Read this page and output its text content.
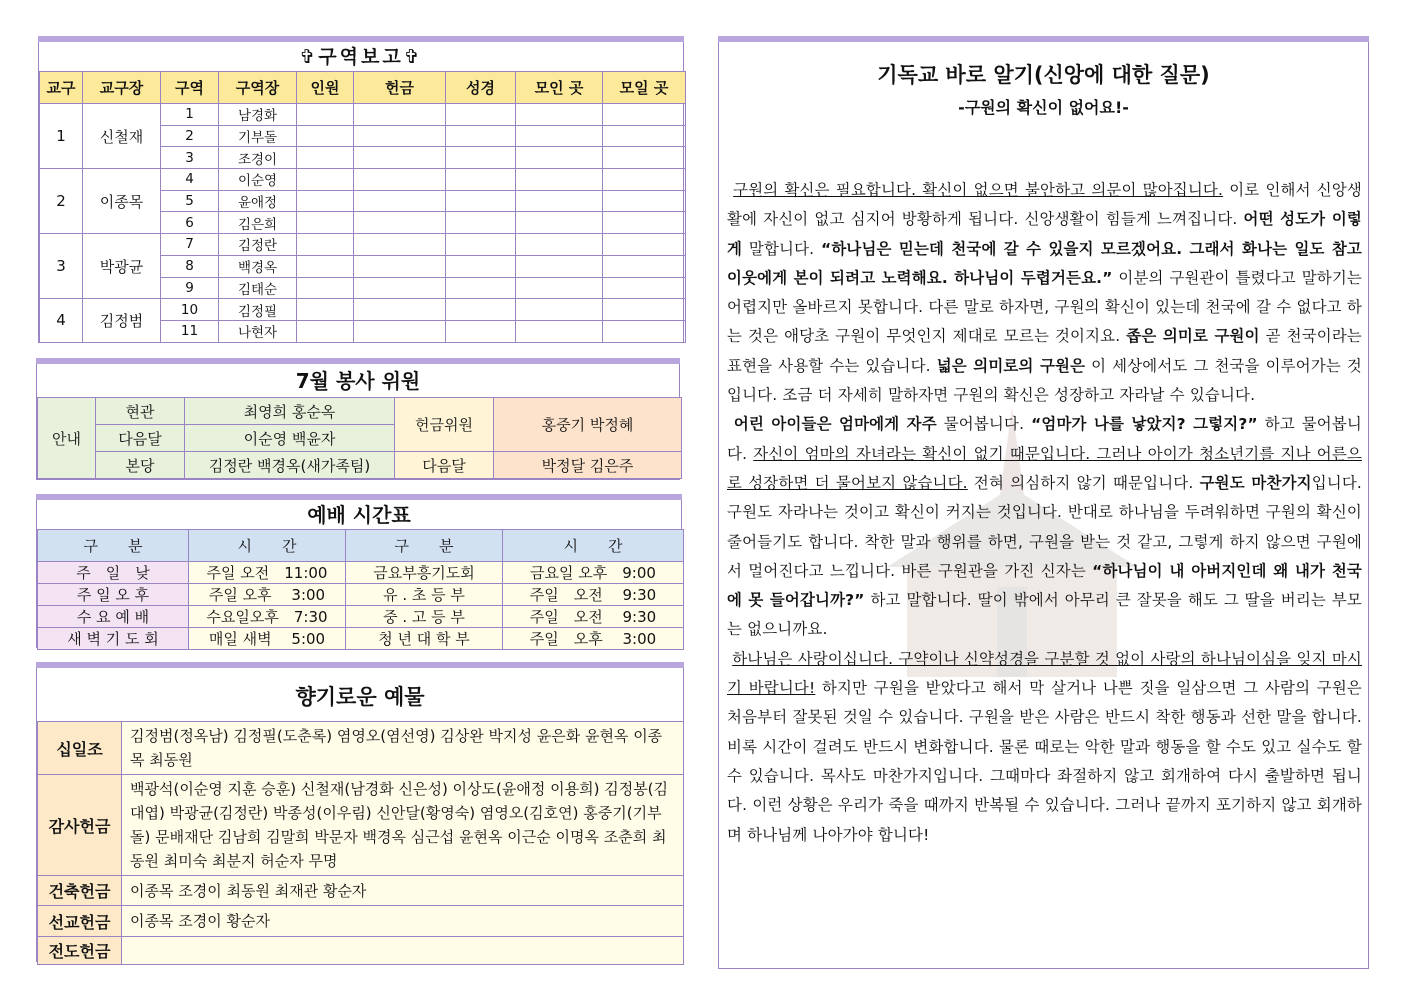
✞구역보고✞
교구	교구장	구역	구역장	인원	헌금	성경	모인 곳	모일 곳
1	신철재	1	남경화					
		2	기부돌					
		3	조경이					
2	이종목	4	이순영					
		5	윤애정					
		6	김은희					
3	박광균	7	김정란					
		8	백경옥					
		9	김태순					
4	김정범	10	김정필					
		11	나현자					
7월 봉사 위원
안내	현관	최영희 홍순옥	헌금위원	홍중기 박정혜
	다음달	이순영 백윤자		
	본당	김정란 백경옥(새가족팀)	다음달	박정달 김은주
예배 시간표
구　　분	시　　간	구　　분	시　　간
주　일　낮	주일 오전　11:00	금요부흥기도회	금요일 오후　9:00
주 일 오 후	주일 오후　 3:00	유 . 초 등 부	주일　오전　 9:30
수 요 예 배	수요일오후　7:30	중 . 고 등 부	주일　오전　 9:30
새 벽 기 도 회	매일 새벽　 5:00	청 년 대 학 부	주일　오후　 3:00
향기로운 예물
십일조	김정범(정옥남) 김정필(도춘록) 염영오(염선영) 김상완 박지성 윤은화 윤현옥 이종목 최동원
감사헌금	백광석(이순영 지훈 승훈) 신철재(남경화 신은성) 이상도(윤애정 이용희) 김정봉(김대엽) 박광균(김정란) 박종성(이우림) 신안달(황영숙) 염영오(김호연) 홍중기(기부돌) 문배재단 김남희 김말희 박문자 백경옥 심근섭 윤현옥 이근순 이명옥 조춘희 최동원 최미숙 최분지 허순자 무명
건축헌금	이종목 조경이 최동원 최재관 황순자
선교헌금	이종목 조경이 황순자
전도헌금	
기독교 바로 알기(신앙에 대한 질문)
-구원의 확신이 없어요!-

구원의 확신은 필요합니다. 확신이 없으면 불안하고 의문이 많아집니다. 이로 인해서 신앙생활에 자신이 없고 심지어 방황하게 됩니다. 신앙생활이 힘들게 느껴집니다. 어떤 성도가 이렇게 말합니다. “하나님은 믿는데 천국에 갈 수 있을지 모르겠어요. 그래서 화나는 일도 참고 이웃에게 본이 되려고 노력해요. 하나님이 두렵거든요.” 이분의 구원관이 틀렸다고 말하기는 어렵지만 올바르지 못합니다. 다른 말로 하자면, 구원의 확신이 있는데 천국에 갈 수 없다고 하는 것은 애당초 구원이 무엇인지 제대로 모르는 것이지요. 좁은 의미로 구원이 곧 천국이라는 표현을 사용할 수는 있습니다. 넓은 의미로의 구원은 이 세상에서도 그 천국을 이루어가는 것입니다. 조금 더 자세히 말하자면 구원의 확신은 성장하고 자라날 수 있습니다.

어린 아이들은 엄마에게 자주 물어봅니다. “엄마가 나를 낳았지? 그렇지?” 하고 물어봅니다. 자신이 엄마의 자녀라는 확신이 없기 때문입니다. 그러나 아이가 청소년기를 지나 어른으로 성장하면 더 물어보지 않습니다. 전혀 의심하지 않기 때문입니다. 구원도 마찬가지입니다. 구원도 자라나는 것이고 확신이 커지는 것입니다. 반대로 하나님을 두려워하면 구원의 확신이 줄어들기도 합니다. 착한 말과 행위를 하면, 구원을 받는 것 같고, 그렇게 하지 않으면 구원에서 멀어진다고 느낍니다. 바른 구원관을 가진 신자는 “하나님이 내 아버지인데 왜 내가 천국에 못 들어갑니까?” 하고 말합니다. 딸이 밖에서 아무리 큰 잘못을 해도 그 딸을 버리는 부모는 없으니까요.

하나님은 사랑이십니다. 구약이나 신약성경을 구분할 것 없이 사랑의 하나님이심을 잊지 마시기 바랍니다! 하지만 구원을 받았다고 해서 막 살거나 나쁜 짓을 일삼으면 그 사람의 구원은 처음부터 잘못된 것일 수 있습니다. 구원을 받은 사람은 반드시 착한 행동과 선한 말을 합니다. 비록 시간이 걸려도 반드시 변화합니다. 물론 때로는 악한 말과 행동을 할 수도 있고 실수도 할 수 있습니다. 목사도 마찬가지입니다. 그때마다 좌절하지 않고 회개하여 다시 출발하면 됩니다. 이런 상황은 우리가 죽을 때까지 반복될 수 있습니다. 그러나 끝까지 포기하지 않고 회개하며 하나님께 나아가야 합니다!
